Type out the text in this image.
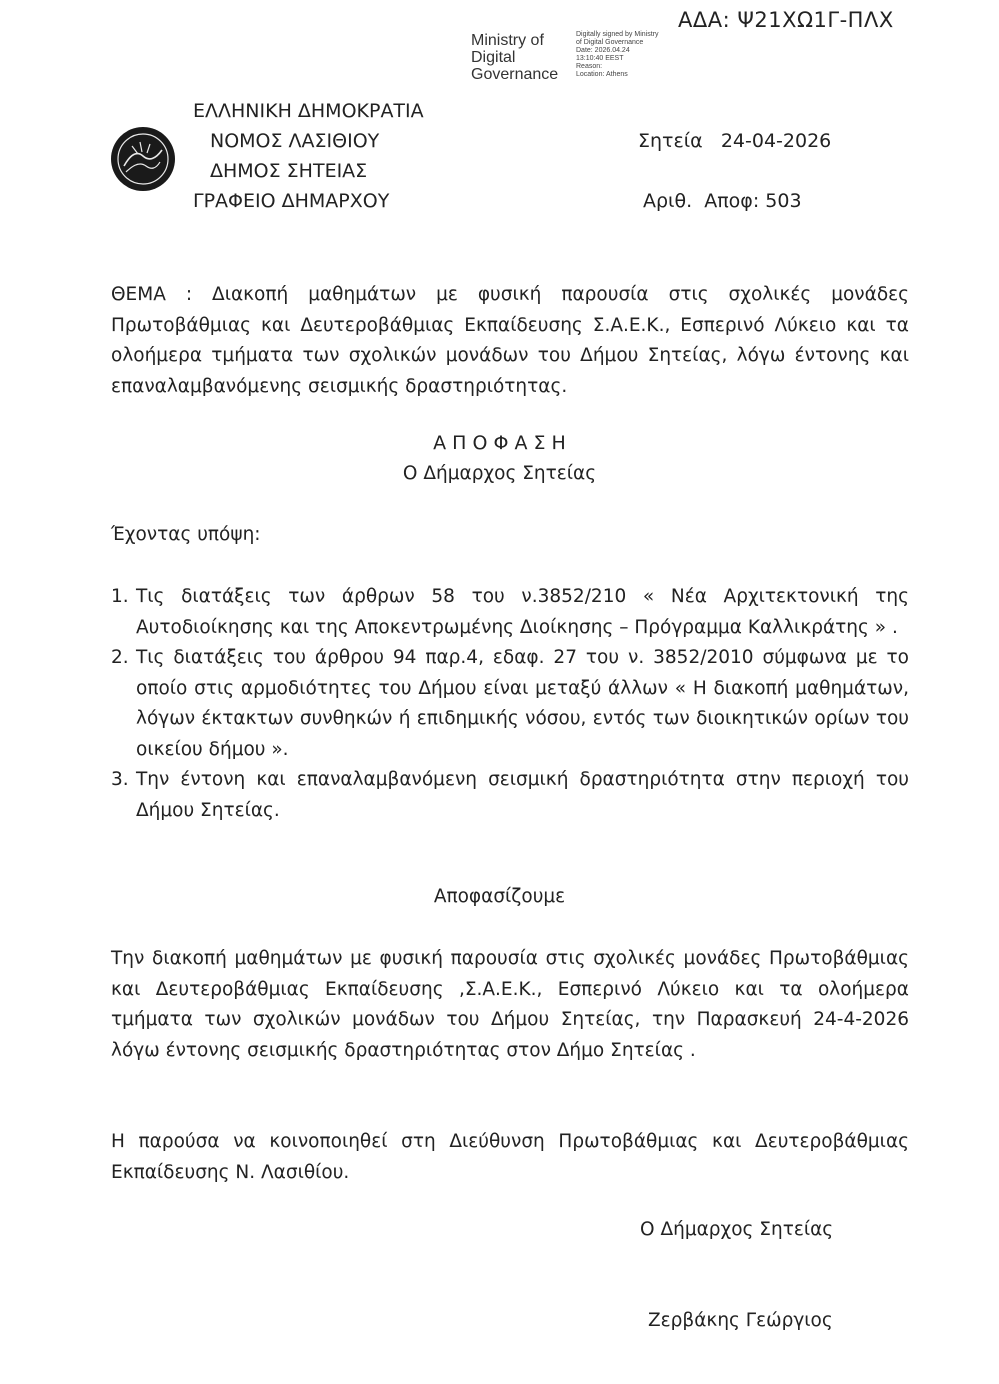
ΑΔΑ: Ψ21ΧΩ1Γ-ΠΛΧ
Ministry of
Digital
Governance
Digitally signed by Ministry
of Digital Governance
Date: 2026.04.24
13:10:40 EEST
Reason:
Location: Athens
ΕΛΛΗΝΙΚΗ ΔΗΜΟΚΡΑΤΙΑ
ΝΟΜΟΣ ΛΑΣΙΘΙΟΥ
ΔΗΜΟΣ ΣΗΤΕΙΑΣ
ΓΡΑΦΕΙΟ ΔΗΜΑΡΧΟΥ
Σητεία   24-04-2026
Αριθ.  Αποφ: 503
ΘΕΜΑ : Διακοπή μαθημάτων με φυσική παρουσία στις σχολικές μονάδες Πρωτοβάθμιας και Δευτεροβάθμιας Εκπαίδευσης Σ.Α.Ε.Κ., Εσπερινό Λύκειο και τα ολοήμερα τμήματα των σχολικών μονάδων του Δήμου Σητείας, λόγω έντονης και επαναλαμβανόμενης σεισμικής δραστηριότητας.
Α Π Ο Φ Α Σ Η
Ο Δήμαρχος Σητείας
Έχοντας υπόψη:
1. Τις διατάξεις των άρθρων 58 του ν.3852/210 « Νέα Αρχιτεκτονική της Αυτοδιοίκησης και της Αποκεντρωμένης Διοίκησης – Πρόγραμμα Καλλικράτης » .
2. Τις διατάξεις του άρθρου 94 παρ.4, εδαφ. 27 του ν. 3852/2010 σύμφωνα με το οποίο στις αρμοδιότητες του Δήμου είναι μεταξύ άλλων « Η διακοπή μαθημάτων, λόγων έκτακτων συνθηκών ή επιδημικής νόσου, εντός των διοικητικών ορίων του οικείου δήμου ».
3. Την έντονη και επαναλαμβανόμενη σεισμική δραστηριότητα στην περιοχή του Δήμου Σητείας.
Αποφασίζουμε
Την διακοπή μαθημάτων με φυσική παρουσία στις σχολικές μονάδες Πρωτοβάθμιας και Δευτεροβάθμιας Εκπαίδευσης ,Σ.Α.Ε.Κ., Εσπερινό Λύκειο και τα ολοήμερα τμήματα των σχολικών μονάδων του Δήμου Σητείας, την Παρασκευή 24-4-2026 λόγω έντονης σεισμικής δραστηριότητας στον Δήμο Σητείας .
Η παρούσα να κοινοποιηθεί στη Διεύθυνση Πρωτοβάθμιας και Δευτεροβάθμιας Εκπαίδευσης Ν. Λασιθίου.
Ο Δήμαρχος Σητείας
Ζερβάκης Γεώργιος
